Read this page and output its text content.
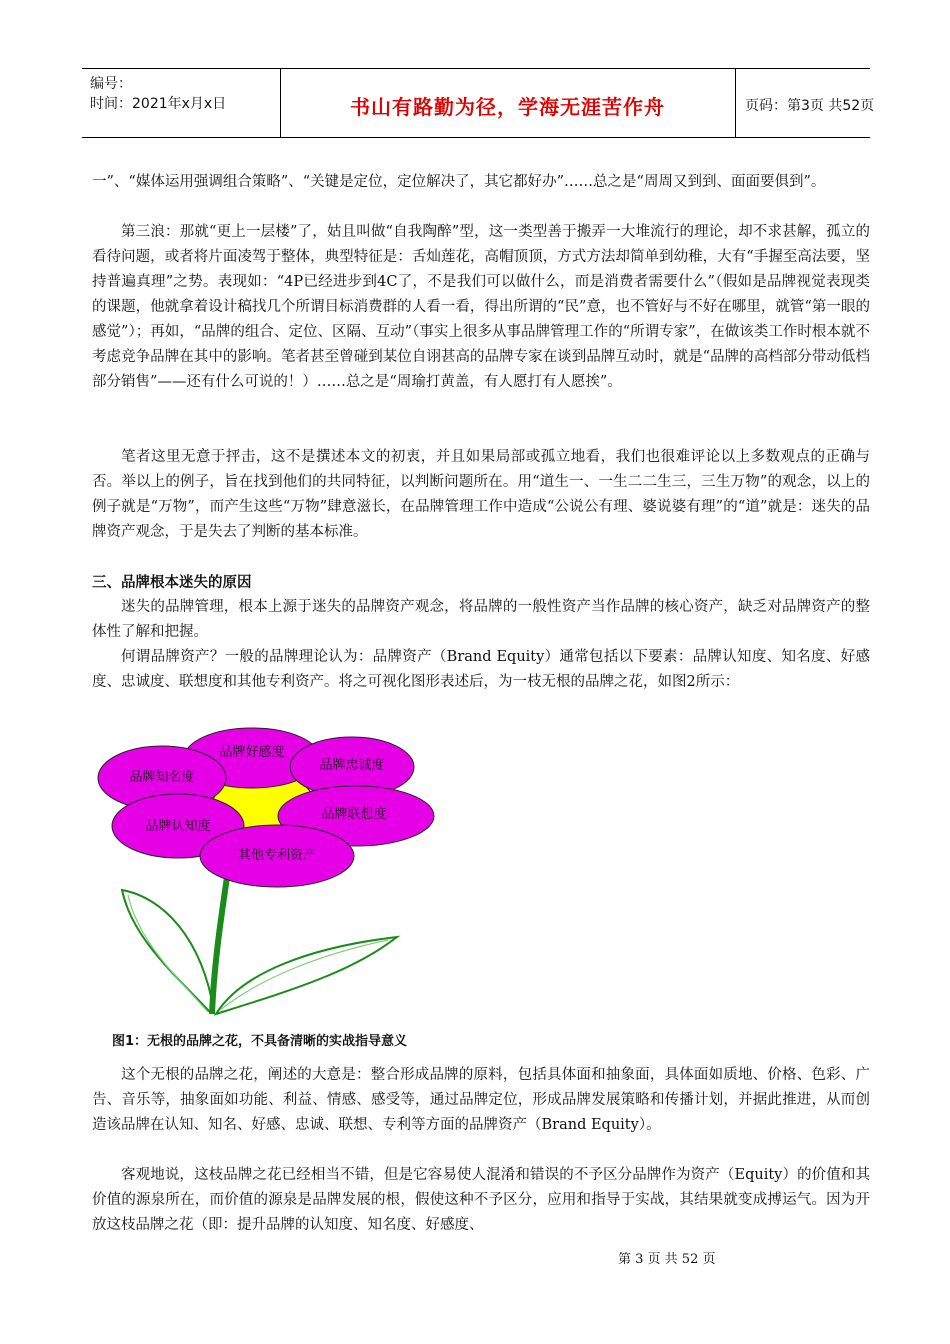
编号：
时间：2021年x月x日	书山有路勤为径，学海无涯苦作舟	页码：第3页 共52页

一”、“媒体运用强调组合策略”、“关键是定位，定位解决了，其它都好办”……总之是“周周又到到、面面要俱到”。

第三浪：那就“更上一层楼”了，姑且叫做“自我陶醉”型，这一类型善于搬弄一大堆流行的理论，却不求甚解，孤立的看待问题，或者将片面凌驾于整体，典型特征是：舌灿莲花，高帽顶顶，方式方法却简单到幼稚，大有“手握至高法要，坚持普遍真理”之势。表现如：“4P已经进步到4C了，不是我们可以做什么，而是消费者需要什么”（假如是品牌视觉表现类的课题，他就拿着设计稿找几个所谓目标消费群的人看一看，得出所谓的“民”意，也不管好与不好在哪里，就管“第一眼的感觉”）；再如，“品牌的组合、定位、区隔、互动”（事实上很多从事品牌管理工作的“所谓专家”，在做该类工作时根本就不考虑竞争品牌在其中的影响。笔者甚至曾碰到某位自诩甚高的品牌专家在谈到品牌互动时，就是“品牌的高档部分带动低档部分销售”——还有什么可说的！）……总之是“周瑜打黄盖，有人愿打有人愿挨”。

笔者这里无意于抨击，这不是撰述本文的初衷，并且如果局部或孤立地看，我们也很难评论以上多数观点的正确与否。举以上的例子，旨在找到他们的共同特征，以判断问题所在。用“道生一、一生二二生三，三生万物”的观念，以上的例子就是“万物”，而产生这些“万物”肆意滋长，在品牌管理工作中造成“公说公有理、婆说婆有理”的“道”就是：迷失的品牌资产观念，于是失去了判断的基本标准。

三、品牌根本迷失的原因

迷失的品牌管理，根本上源于迷失的品牌资产观念，将品牌的一般性资产当作品牌的核心资产，缺乏对品牌资产的整体性了解和把握。

何谓品牌资产？一般的品牌理论认为：品牌资产（Brand Equity）通常包括以下要素：品牌认知度、知名度、好感度、忠诚度、联想度和其他专利资产。将之可视化图形表述后，为一枝无根的品牌之花，如图2所示：

品牌好感度
品牌忠诚度
品牌知名度
品牌联想度
品牌认知度
其他专利资产
图1：无根的品牌之花，不具备清晰的实战指导意义

这个无根的品牌之花，阐述的大意是：整合形成品牌的原料，包括具体面和抽象面，具体面如质地、价格、色彩、广告、音乐等，抽象面如功能、利益、情感、感受等，通过品牌定位，形成品牌发展策略和传播计划，并据此推进，从而创造该品牌在认知、知名、好感、忠诚、联想、专利等方面的品牌资产（Brand Equity）。

客观地说，这枝品牌之花已经相当不错，但是它容易使人混淆和错误的不予区分品牌作为资产（Equity）的价值和其价值的源泉所在，而价值的源泉是品牌发展的根，假使这种不予区分，应用和指导于实战，其结果就变成搏运气。因为开放这枝品牌之花（即：提升品牌的认知度、知名度、好感度、

第 3 页 共 52 页
